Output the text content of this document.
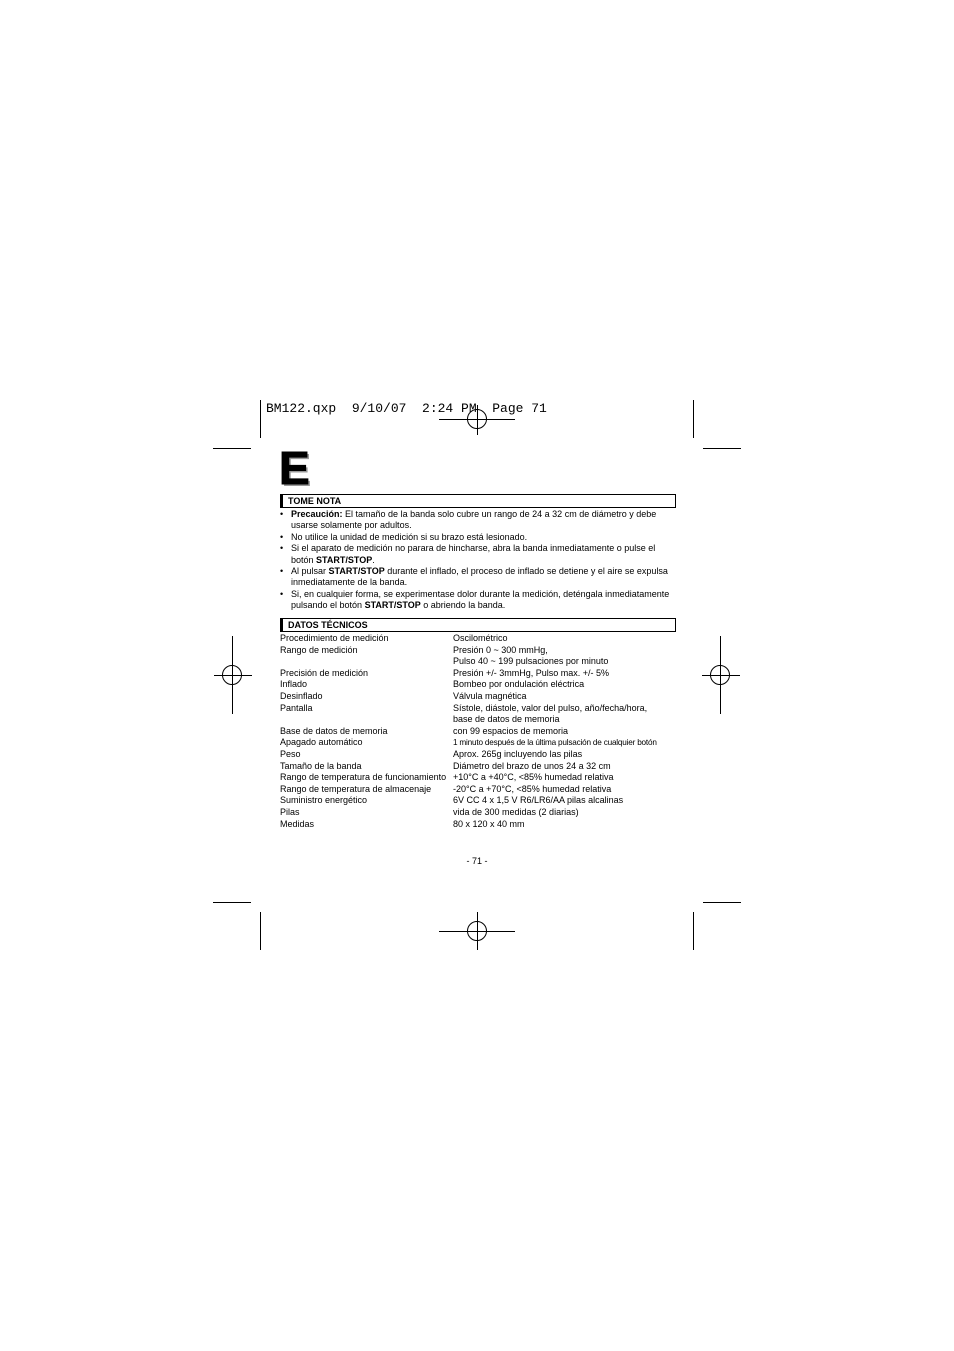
BM122.qxp  9/10/07  2:24 PM  Page 71
E
TOME NOTA

• Precaución: El tamaño de la banda solo cubre un rango de 24 a 32 cm de diámetro y debe usarse solamente por adultos.

• No utilice la unidad de medición si su brazo está lesionado.

• Si el aparato de medición no parara de hincharse, abra la banda inmediatamente o pulse el botón START/STOP.

• Al pulsar START/STOP durante el inflado, el proceso de inflado se detiene y el aire se expulsa inmediatamente de la banda.

• Si, en cualquier forma, se experimentase dolor durante la medición, deténgala inmediatamente pulsando el botón START/STOP o abriendo la banda.

DATOS TÉCNICOS
Procedimiento de medición	Oscilométrico
Rango de medición	Presión 0 ~ 300 mmHg,
Pulso 40 ~ 199 pulsaciones por minuto
Precisión de medición	Presión +/- 3mmHg, Pulso max. +/- 5%
Inflado	Bombeo por ondulación eléctrica
Desinflado	Válvula magnética
Pantalla	Sístole, diástole, valor del pulso, año/fecha/hora,
base de datos de memoria
Base de datos de memoria	con 99 espacios de memoria
Apagado automático	1 minuto después de la última pulsación de cualquier botón
Peso	Aprox. 265g incluyendo las pilas
Tamaño de la banda	Diámetro del brazo de unos 24 a 32 cm
Rango de temperatura de funcionamiento +10°C a +40°C, <85% humedad relativa
Rango de temperatura de almacenaje	-20°C a +70°C, <85% humedad relativa
Suministro energético	6V CC 4 x 1,5 V R6/LR6/AA pilas alcalinas
Pilas	vida de 300 medidas (2 diarias)
Medidas	80 x 120 x 40 mm
- 71 -
